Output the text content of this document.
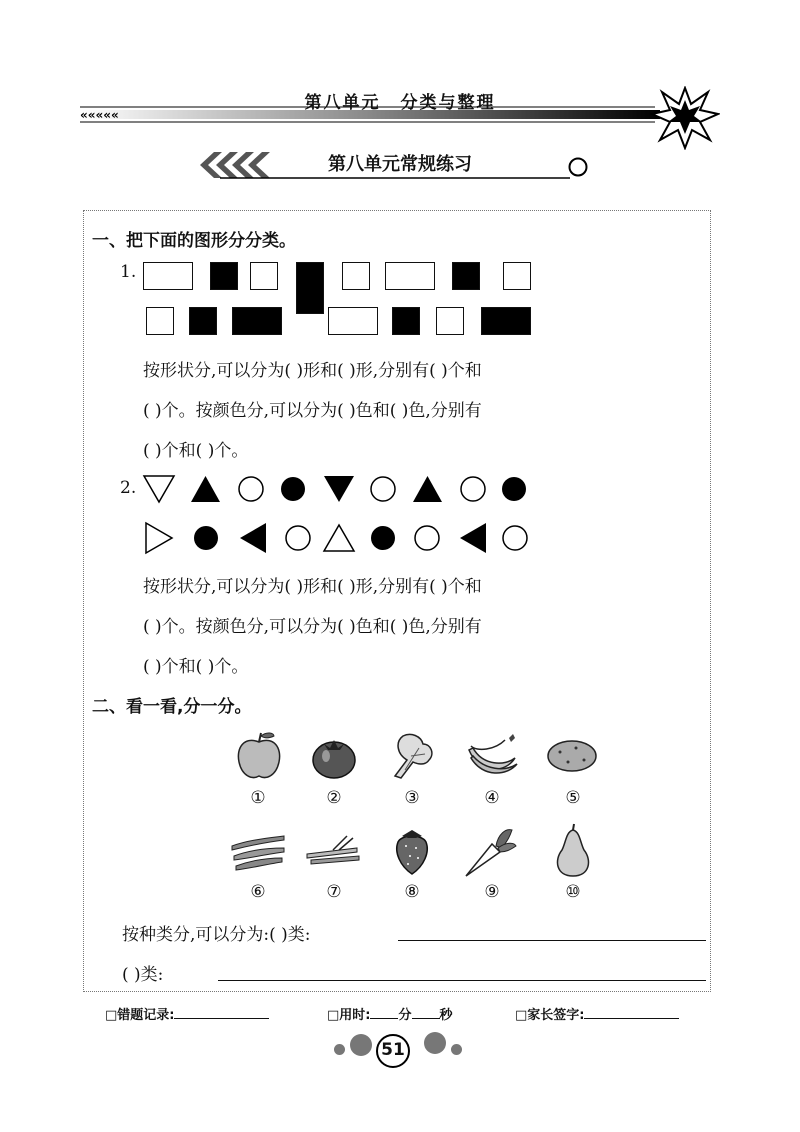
«««««
第八单元 分类与整理
第八单元常规练习
一、把下面的图形分分类。
1.
按形状分,可以分为( )形和( )形,分别有( )个和
( )个。按颜色分,可以分为( )色和( )色,分别有
( )个和( )个。
2.
按形状分,可以分为( )形和( )形,分别有( )个和
( )个。按颜色分,可以分为( )色和( )色,分别有
( )个和( )个。
二、看一看,分一分。
①	②	③	④	⑤
⑥	⑦	⑧	⑨	⑩
按种类分,可以分为:( )类:
( )类:
□错题记录:	□用时: 分 秒	□家长签字:
51
